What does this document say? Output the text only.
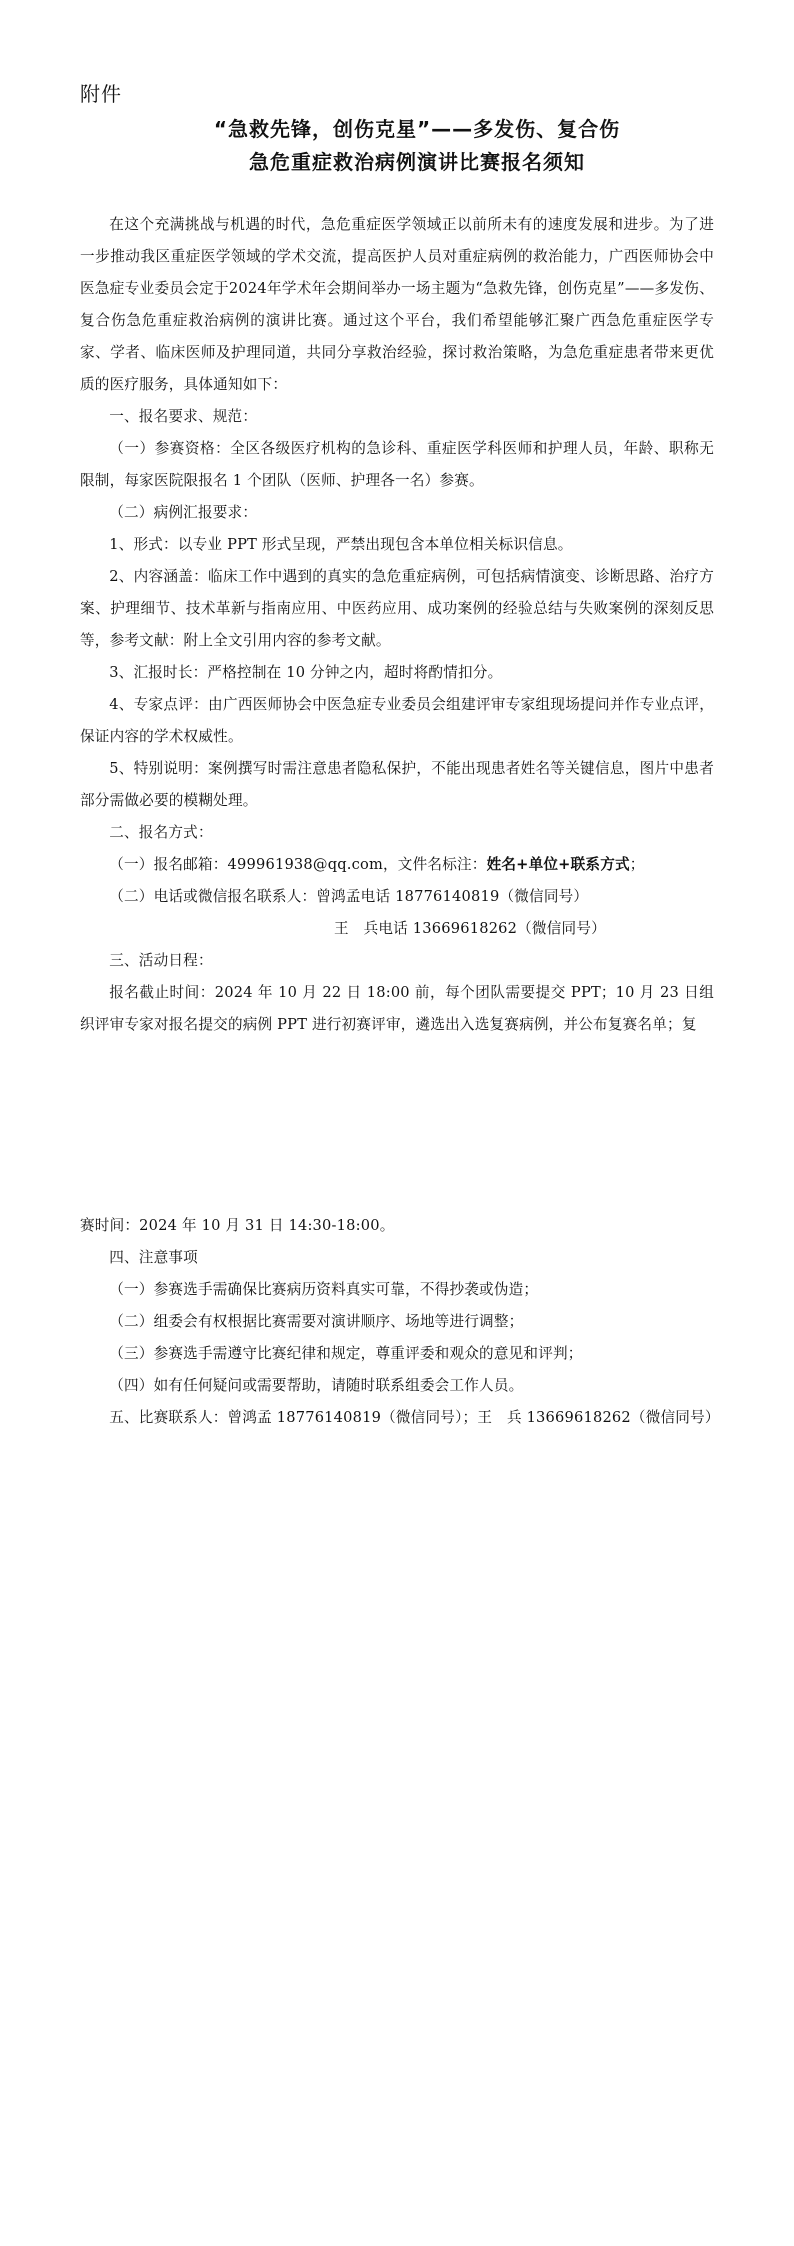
附件
“急救先锋，创伤克星”——多发伤、复合伤
急危重症救治病例演讲比赛报名须知

在这个充满挑战与机遇的时代，急危重症医学领域正以前所未有的速度发展和进步。为了进一步推动我区重症医学领域的学术交流，提高医护人员对重症病例的救治能力，广西医师协会中医急症专业委员会定于2024年学术年会期间举办一场主题为“急救先锋，创伤克星”——多发伤、复合伤急危重症救治病例的演讲比赛。通过这个平台，我们希望能够汇聚广西急危重症医学专家、学者、临床医师及护理同道，共同分享救治经验，探讨救治策略，为急危重症患者带来更优质的医疗服务，具体通知如下：

一、报名要求、规范：

（一）参赛资格：全区各级医疗机构的急诊科、重症医学科医师和护理人员，年龄、职称无限制，每家医院限报名 1 个团队（医师、护理各一名）参赛。

（二）病例汇报要求：

1、形式：以专业 PPT 形式呈现，严禁出现包含本单位相关标识信息。

2、内容涵盖：临床工作中遇到的真实的急危重症病例，可包括病情演变、诊断思路、治疗方案、护理细节、技术革新与指南应用、中医药应用、成功案例的经验总结与失败案例的深刻反思等，参考文献：附上全文引用内容的参考文献。

3、汇报时长：严格控制在 10 分钟之内，超时将酌情扣分。

4、专家点评：由广西医师协会中医急症专业委员会组建评审专家组现场提问并作专业点评，保证内容的学术权威性。

5、特别说明：案例撰写时需注意患者隐私保护，不能出现患者姓名等关键信息，图片中患者部分需做必要的模糊处理。

二、报名方式：

（一）报名邮箱：499961938@qq.com，文件名标注：姓名+单位+联系方式；

（二）电话或微信报名联系人：曾鸿孟电话 18776140819（微信同号）

王　兵电话 13669618262（微信同号）

三、活动日程：

报名截止时间：2024 年 10 月 22 日 18:00 前，每个团队需要提交 PPT；10 月 23 日组织评审专家对报名提交的病例 PPT 进行初赛评审，遴选出入选复赛病例，并公布复赛名单；复

赛时间：2024 年 10 月 31 日 14:30-18:00。

四、注意事项

（一）参赛选手需确保比赛病历资料真实可靠，不得抄袭或伪造；

（二）组委会有权根据比赛需要对演讲顺序、场地等进行调整；

（三）参赛选手需遵守比赛纪律和规定，尊重评委和观众的意见和评判；

（四）如有任何疑问或需要帮助，请随时联系组委会工作人员。

五、比赛联系人：曾鸿孟 18776140819（微信同号）；王　兵 13669618262（微信同号）
